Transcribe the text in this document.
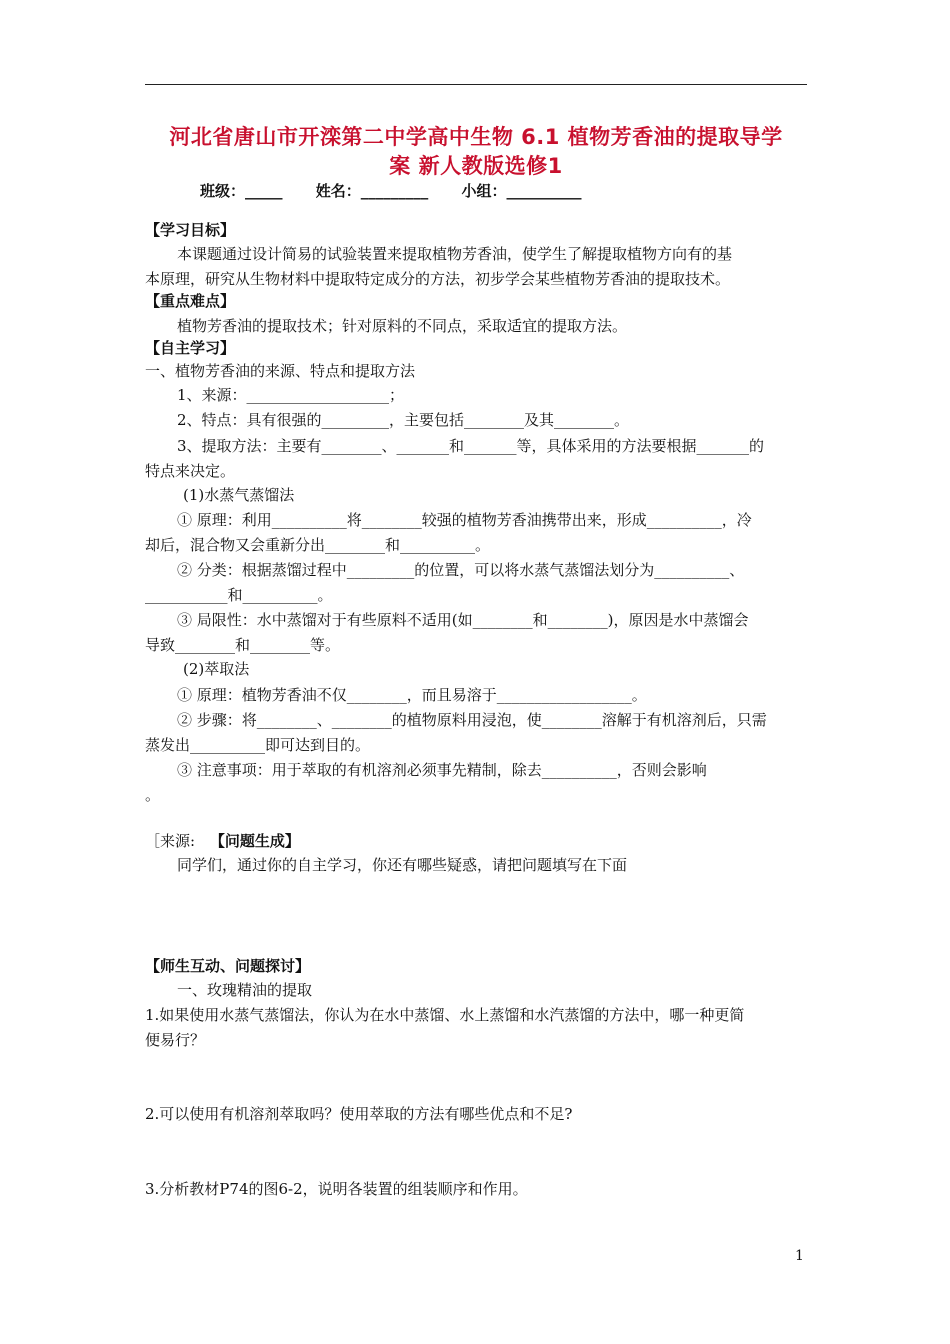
河北省唐山市开滦第二中学高中生物 6.1 植物芳香油的提取导学
案 新人教版选修1
班级：_____ 姓名：_________ 小组：__________
【学习目标】
本课题通过设计简易的试验装置来提取植物芳香油，使学生了解提取植物方向有的基
本原理，研究从生物材料中提取特定成分的方法，初步学会某些植物芳香油的提取技术。
【重点难点】
植物芳香油的提取技术；针对原料的不同点，采取适宜的提取方法。
【自主学习】
一、植物芳香油的来源、特点和提取方法
1、来源：___________________；
2、特点：具有很强的_________，主要包括________及其________。
3、提取方法：主要有________、_______和_______等，具体采用的方法要根据_______的
特点来决定。
(1)水蒸气蒸馏法
① 原理：利用__________将________较强的植物芳香油携带出来，形成__________，冷
却后，混合物又会重新分出________和__________。
② 分类：根据蒸馏过程中_________的位置，可以将水蒸气蒸馏法划分为__________、
___________和__________。
③ 局限性：水中蒸馏对于有些原料不适用(如________和________)，原因是水中蒸馏会
导致________和________等。
(2)萃取法
① 原理：植物芳香油不仅________，而且易溶于__________________。
② 步骤：将________、________的植物原料用浸泡，使________溶解于有机溶剂后，只需
蒸发出__________即可达到目的。
③ 注意事项：用于萃取的有机溶剂必须事先精制，除去__________，否则会影响
。
［来源: 【问题生成】
同学们，通过你的自主学习，你还有哪些疑惑，请把问题填写在下面
【师生互动、问题探讨】
一、玫瑰精油的提取
1.如果使用水蒸气蒸馏法，你认为在水中蒸馏、水上蒸馏和水汽蒸馏的方法中，哪一种更简
便易行？
2.可以使用有机溶剂萃取吗？使用萃取的方法有哪些优点和不足?
3.分析教材P74的图6-2，说明各装置的组装顺序和作用。
1
